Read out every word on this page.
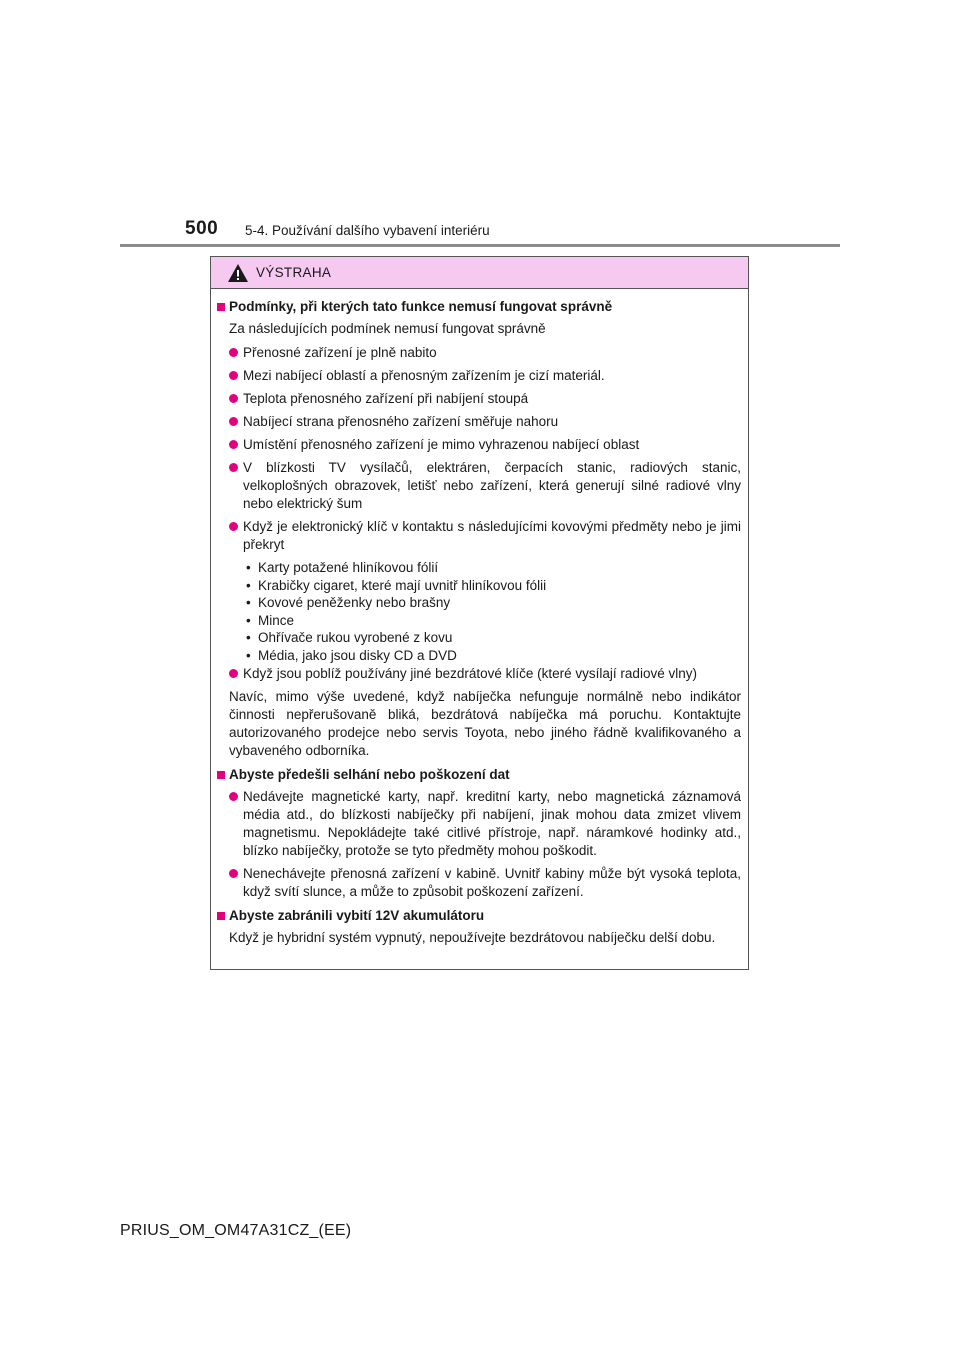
500 5-4. Používání dalšího vybavení interiéru
VÝSTRAHA
Podmínky, při kterých tato funkce nemusí fungovat správně
Za následujících podmínek nemusí fungovat správně
Přenosné zařízení je plně nabito
Mezi nabíjecí oblastí a přenosným zařízením je cizí materiál.
Teplota přenosného zařízení při nabíjení stoupá
Nabíjecí strana přenosného zařízení směřuje nahoru
Umístění přenosného zařízení je mimo vyhrazenou nabíjecí oblast
V blízkosti TV vysílačů, elektráren, čerpacích stanic, radiových stanic, velkoplošných obrazovek, letišť nebo zařízení, která generují silné radiové vlny nebo elektrický šum
Když je elektronický klíč v kontaktu s následujícími kovovými předměty nebo je jimi překryt
• Karty potažené hliníkovou fólií
• Krabičky cigaret, které mají uvnitř hliníkovou fólii
• Kovové peněženky nebo brašny
• Mince
• Ohřívače rukou vyrobené z kovu
• Média, jako jsou disky CD a DVD
Když jsou poblíž používány jiné bezdrátové klíče (které vysílají radiové vlny)
Navíc, mimo výše uvedené, když nabíječka nefunguje normálně nebo indikátor činnosti nepřerušovaně bliká, bezdrátová nabíječka má poruchu. Kontaktujte autorizovaného prodejce nebo servis Toyota, nebo jiného řádně kvalifikovaného a vybaveného odborníka.
Abyste předešli selhání nebo poškození dat
Nedávejte magnetické karty, např. kreditní karty, nebo magnetická záznamová média atd., do blízkosti nabíječky při nabíjení, jinak mohou data zmizet vlivem magnetismu. Nepokládejte také citlivé přístroje, např. náramkové hodinky atd., blízko nabíječky, protože se tyto předměty mohou poškodit.
Nenechávejte přenosná zařízení v kabině. Uvnitř kabiny může být vysoká teplota, když svítí slunce, a může to způsobit poškození zařízení.
Abyste zabránili vybití 12V akumulátoru
Když je hybridní systém vypnutý, nepoužívejte bezdrátovou nabíječku delší dobu.
PRIUS_OM_OM47A31CZ_(EE)
